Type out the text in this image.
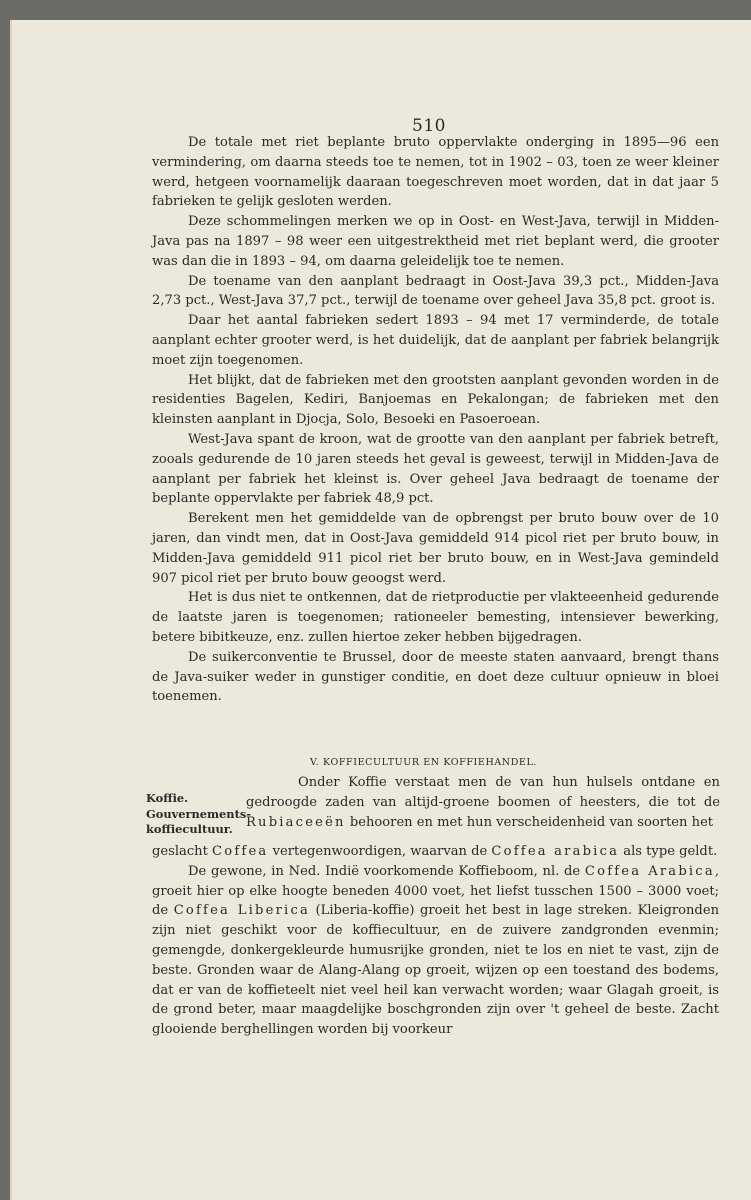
510

De totale met riet beplante bruto oppervlakte onderging in 1895—96 een vermindering, om daarna steeds toe te nemen, tot in 1902 – 03, toen ze weer kleiner werd, hetgeen voornamelijk daaraan toegeschreven moet worden, dat in dat jaar 5 fabrieken te gelijk gesloten werden.

Deze schommelingen merken we op in Oost- en West-Java, terwijl in Midden-Java pas na 1897 – 98 weer een uitgestrektheid met riet beplant werd, die grooter was dan die in 1893 – 94, om daarna geleidelijk toe te nemen.

De toename van den aanplant bedraagt in Oost-Java 39,3 pct., Midden-Java 2,73 pct., West-Java 37,7 pct., terwijl de toename over geheel Java 35,8 pct. groot is.

Daar het aantal fabrieken sedert 1893 – 94 met 17 verminderde, de totale aanplant echter grooter werd, is het duidelijk, dat de aanplant per fabriek belangrijk moet zijn toegenomen.

Het blijkt, dat de fabrieken met den grootsten aanplant gevonden worden in de residenties Bagelen, Kediri, Banjoemas en Pekalongan; de fabrieken met den kleinsten aanplant in Djocja, Solo, Besoeki en Pasoeroean.

West-Java spant de kroon, wat de grootte van den aanplant per fabriek betreft, zooals gedurende de 10 jaren steeds het geval is geweest, terwijl in Midden-Java de aanplant per fabriek het kleinst is. Over geheel Java bedraagt de toename der beplante oppervlakte per fabriek 48,9 pct.

Berekent men het gemiddelde van de opbrengst per bruto bouw over de 10 jaren, dan vindt men, dat in Oost-Java gemiddeld 914 picol riet per bruto bouw, in Midden-Java gemiddeld 911 picol riet ber bruto bouw, en in West-Java gemindeld 907 picol riet per bruto bouw geoogst werd.

Het is dus niet te ontkennen, dat de rietproductie per vlakteeenheid gedurende de laatste jaren is toegenomen; rationeeler bemesting, intensiever bewerking, betere bibitkeuze, enz. zullen hiertoe zeker hebben bijgedragen.

De suikerconventie te Brussel, door de meeste staten aanvaard, brengt thans de Java-suiker weder in gunstiger conditie, en doet deze cultuur opnieuw in bloei toenemen.

V. KOFFIECULTUUR EN KOFFIEHANDEL.
Koffie. Gouvernements-koffiecultuur.

Onder Koffie verstaat men de van hun hulsels ontdane en gedroogde zaden van altijd-groene boomen of heesters, die tot de Rubiaceeën behooren en met hun verscheidenheid van soorten het

geslacht Coffea vertegenwoordigen, waarvan de Coffea arabica als type geldt.

De gewone, in Ned. Indië voorkomende Koffieboom, nl. de Coffea Arabica, groeit hier op elke hoogte beneden 4000 voet, het liefst tusschen 1500 – 3000 voet; de Coffea Liberica (Liberia-koffie) groeit het best in lage streken. Kleigronden zijn niet geschikt voor de koffiecultuur, en de zuivere zandgronden evenmin; gemengde, donkergekleurde humusrijke gronden, niet te los en niet te vast, zijn de beste. Gronden waar de Alang-Alang op groeit, wijzen op een toestand des bodems, dat er van de koffieteelt niet veel heil kan verwacht worden; waar Glagah groeit, is de grond beter, maar maagdelijke boschgronden zijn over 't geheel de beste. Zacht glooiende berghellingen worden bij voorkeur
